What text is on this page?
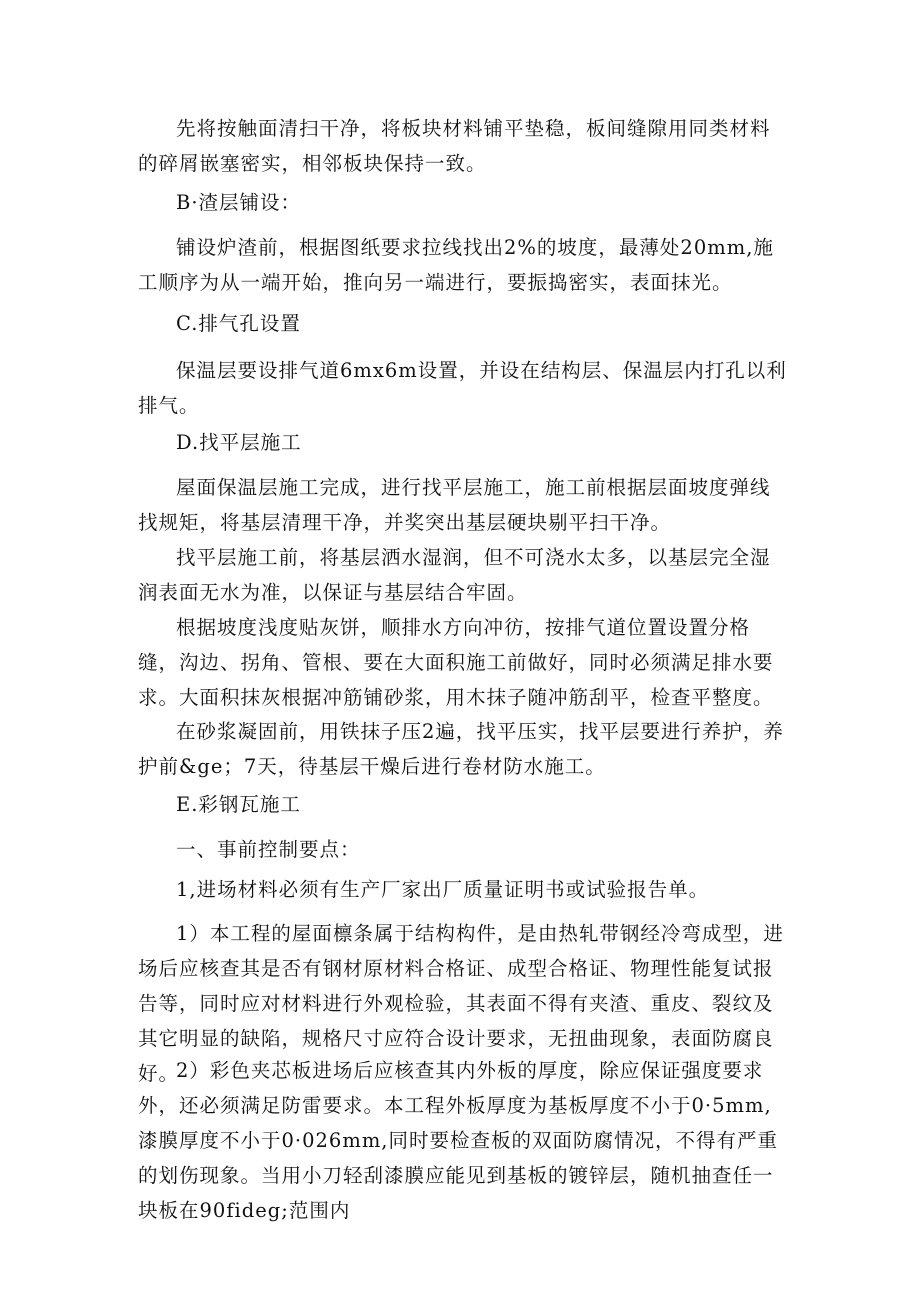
先将按触面清扫干净，将板块材料铺平垫稳，板间缝隙用同类材料的碎屑嵌塞密实，相邻板块保持一致。

B·渣层铺设：

铺设炉渣前，根据图纸要求拉线找出2%的坡度，最薄处20mm,施工顺序为从一端开始，推向另一端进行，要振捣密实，表面抹光。

C.排气孔设置

保温层要设排气道6mx6m设置，并设在结构层、保温层内打孔以利排气。

D.找平层施工

屋面保温层施工完成，进行找平层施工，施工前根据层面坡度弹线找规矩，将基层清理干净，并奖突出基层硬块剔平扫干净。

找平层施工前，将基层洒水湿润，但不可浇水太多，以基层完全湿润表面无水为准，以保证与基层结合牢固。

根据坡度浅度贴灰饼，顺排水方向冲彷，按排气道位置设置分格缝，沟边、拐角、管根、要在大面积施工前做好，同时必须满足排水要求。大面积抹灰根据冲筋铺砂浆，用木抹子随冲筋刮平，检查平整度。

在砂浆凝固前，用铁抹子压2遍，找平压实，找平层要进行养护，养护前&ge；7天，待基层干燥后进行卷材防水施工。

E.彩钢瓦施工

一、事前控制要点：

1,进场材料必须有生产厂家出厂质量证明书或试验报告单。

1）本工程的屋面檩条属于结构构件，是由热轧带钢经冷弯成型，进场后应核查其是否有钢材原材料合格证、成型合格证、物理性能复试报告等，同时应对材料进行外观检验，其表面不得有夹渣、重皮、裂纹及其它明显的缺陷，规格尺寸应符合设计要求，无扭曲现象，表面防腐良好。

2）彩色夹芯板进场后应核查其内外板的厚度，除应保证强度要求外，还必须满足防雷要求。本工程外板厚度为基板厚度不小于0·5mm,漆膜厚度不小于0·026mm,同时要检查板的双面防腐情况，不得有严重的划伤现象。当用小刀轻刮漆膜应能见到基板的镀锌层，随机抽查任一块板在90fideg;范围内
